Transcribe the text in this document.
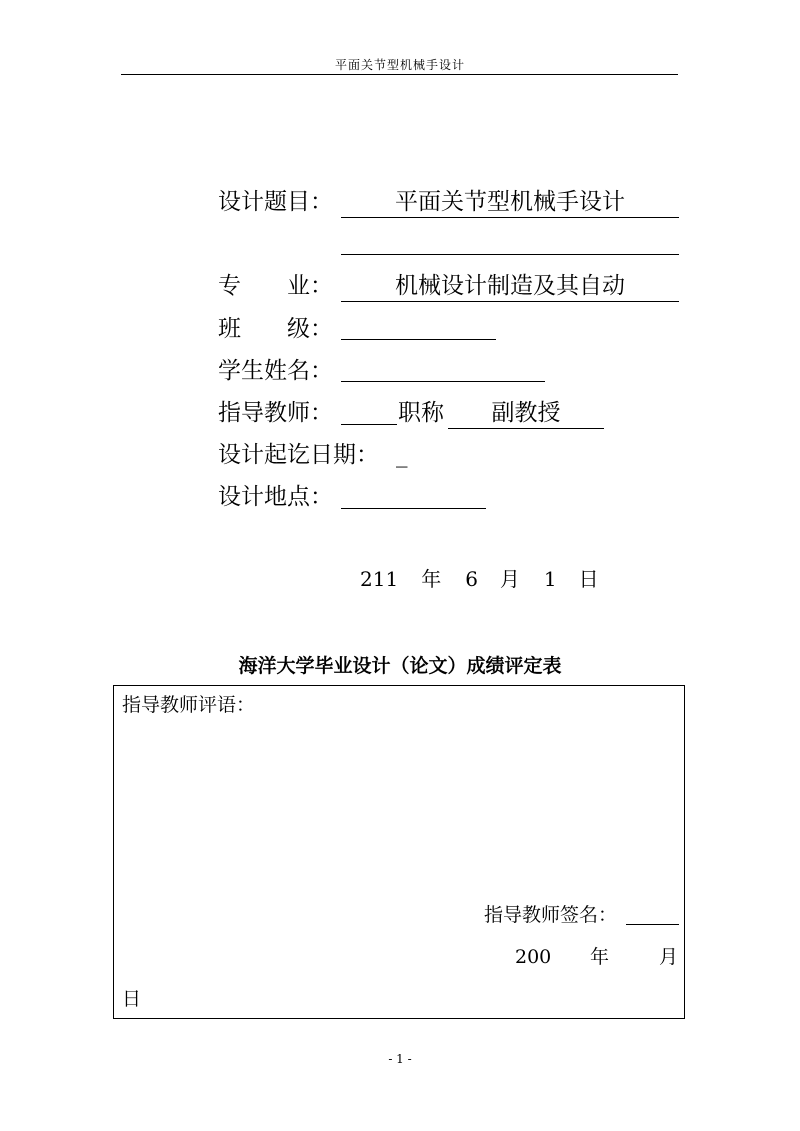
平面关节型机械手设计
设计题目：	平面关节型机械手设计
专 业：	机械设计制造及其自动
班 级：
学生姓名：
指导教师：	职称	副教授
设计起讫日期： _
设计地点：
211 年 6 月 1 日
海洋大学毕业设计（论文）成绩评定表
指导教师评语：
指导教师签名：
200 年	月
日
- 1 -
